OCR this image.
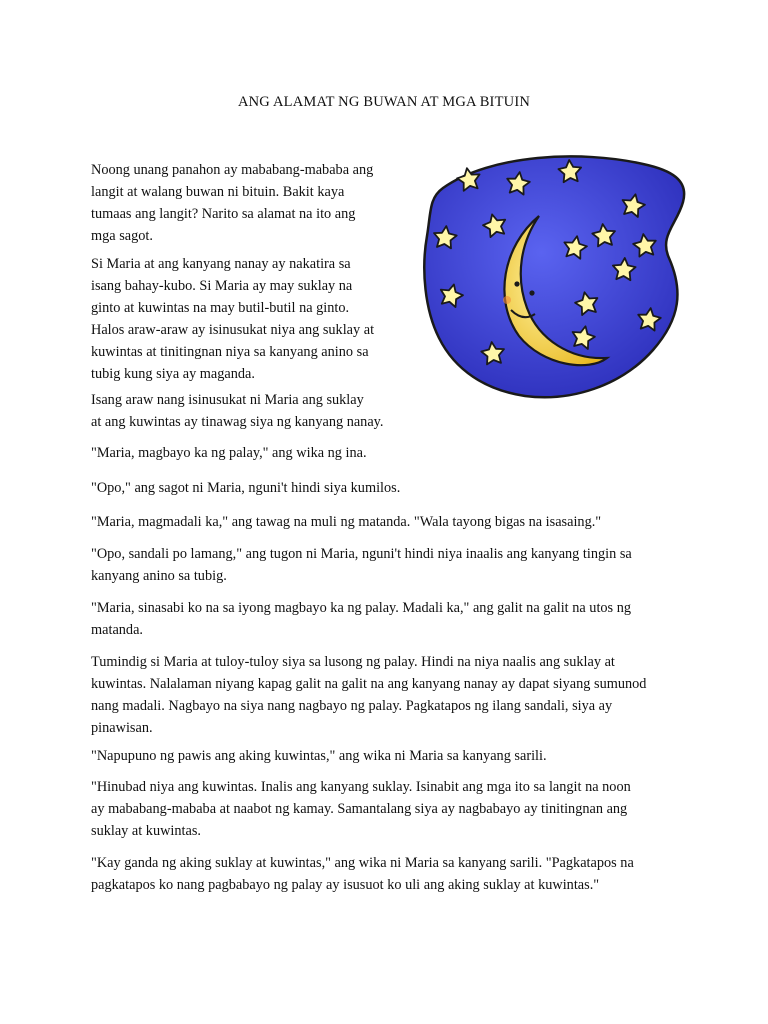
ANG ALAMAT NG BUWAN AT MGA BITUIN

Noong unang panahon ay mababang-mababa ang
langit at walang buwan ni bituin. Bakit kaya
tumaas ang langit? Narito sa alamat na ito ang
mga sagot.

Si Maria at ang kanyang nanay ay nakatira sa
isang bahay-kubo. Si Maria ay may suklay na
ginto at kuwintas na may butil-butil na ginto.
Halos araw-araw ay isinusukat niya ang suklay at
kuwintas at tinitingnan niya sa kanyang anino sa
tubig kung siya ay maganda.

Isang araw nang isinusukat ni Maria ang suklay
at ang kuwintas ay tinawag siya ng kanyang nanay.

"Maria, magbayo ka ng palay," ang wika ng ina.

"Opo," ang sagot ni Maria, nguni't hindi siya kumilos.

"Maria, magmadali ka," ang tawag na muli ng matanda. "Wala tayong bigas na isasaing."

"Opo, sandali po lamang," ang tugon ni Maria, nguni't hindi niya inaalis ang kanyang tingin sa
kanyang anino sa tubig.

"Maria, sinasabi ko na sa iyong magbayo ka ng palay. Madali ka," ang galit na galit na utos ng
matanda.

Tumindig si Maria at tuloy-tuloy siya sa lusong ng palay. Hindi na niya naalis ang suklay at
kuwintas. Nalalaman niyang kapag galit na galit na ang kanyang nanay ay dapat siyang sumunod
nang madali. Nagbayo na siya nang nagbayo ng palay. Pagkatapos ng ilang sandali, siya ay
pinawisan.

"Napupuno ng pawis ang aking kuwintas," ang wika ni Maria sa kanyang sarili.

"Hinubad niya ang kuwintas. Inalis ang kanyang suklay. Isinabit ang mga ito sa langit na noon
ay mababang-mababa at naabot ng kamay. Samantalang siya ay nagbabayo ay tinitingnan ang
suklay at kuwintas.

"Kay ganda ng aking suklay at kuwintas," ang wika ni Maria sa kanyang sarili. "Pagkatapos na
pagkatapos ko nang pagbabayo ng palay ay isusuot ko uli ang aking suklay at kuwintas."
